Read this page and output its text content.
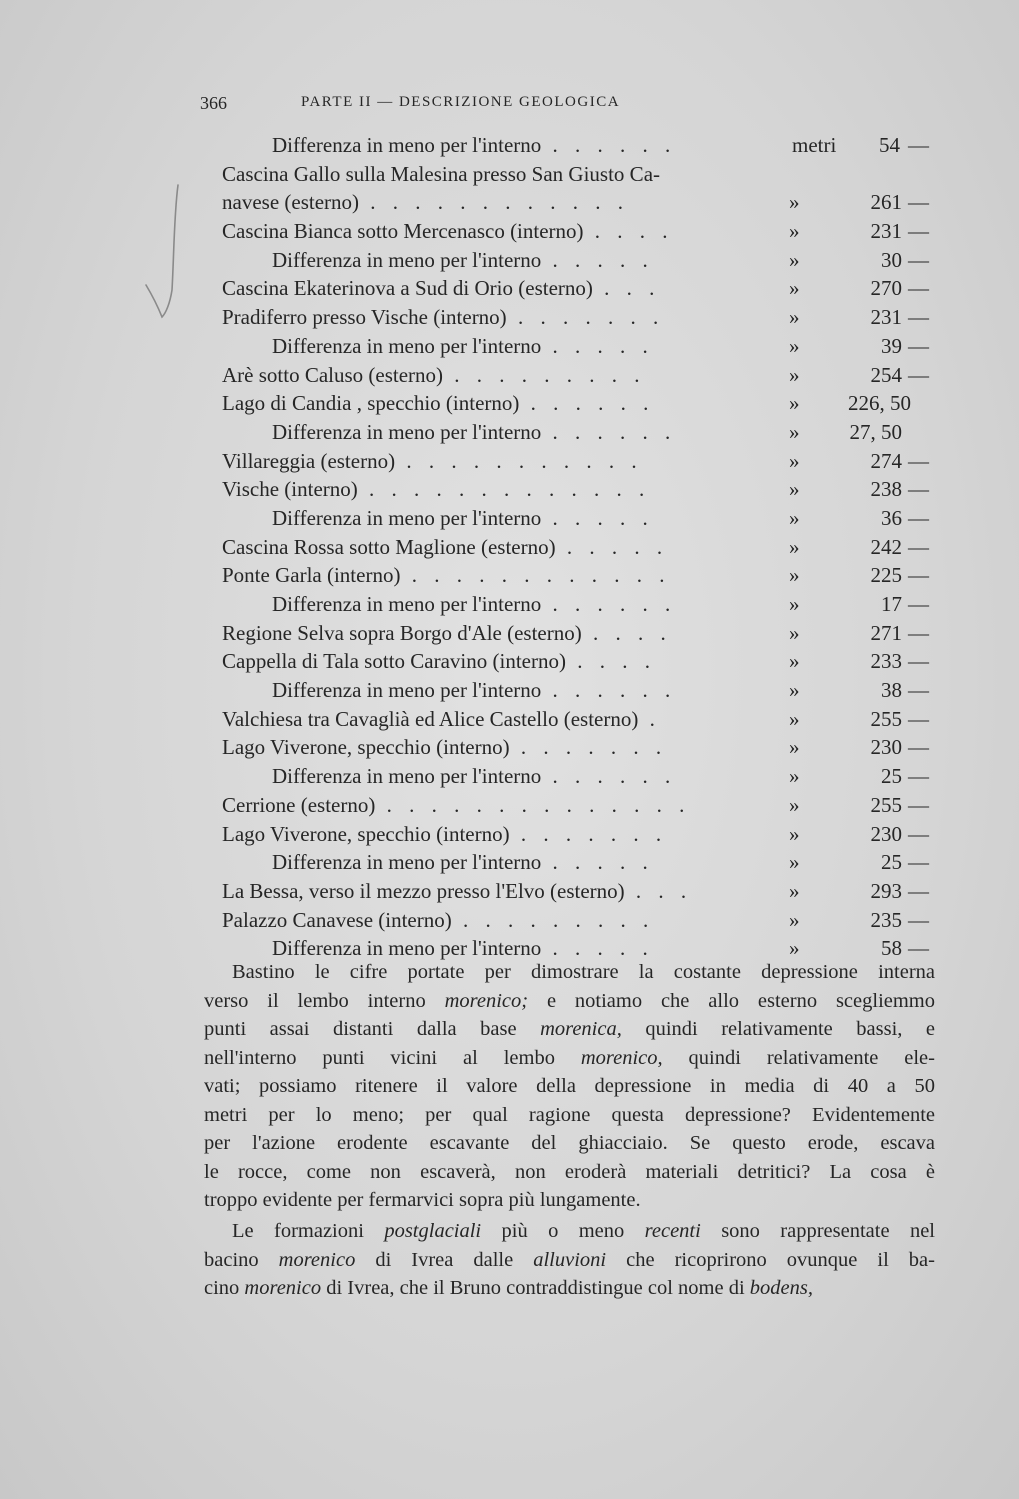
366	PARTE II — DESCRIZIONE GEOLOGICA
Differenza in meno per l'interno . . . . . .	metri	54 —
Cascina Gallo sulla Malesina presso San Giusto Ca-
navese (esterno) . . . . . . . . . . . .	»	261 —
Cascina Bianca sotto Mercenasco (interno) . . . .	»	231 —
Differenza in meno per l'interno . . . . .	»	30 —
Cascina Ekaterinova a Sud di Orio (esterno) . . .	»	270 —
Pradiferro presso Vische (interno) . . . . . . .	»	231 —
Differenza in meno per l'interno . . . . .	»	39 —
Arè sotto Caluso (esterno) . . . . . . . . .	»	254 —
Lago di Candia , specchio (interno) . . . . . .	» 226, 50
Differenza in meno per l'interno . . . . . .	» 27, 50
Villareggia (esterno) . . . . . . . . . . .	»	274 —
Vische (interno) . . . . . . . . . . . . .	»	238 —
Differenza in meno per l'interno . . . . .	»	36 —
Cascina Rossa sotto Maglione (esterno) . . . . .	»	242 —
Ponte Garla (interno) . . . . . . . . . . . .	»	225 —
Differenza in meno per l'interno . . . . . .	»	17 —
Regione Selva sopra Borgo d'Ale (esterno) . . . .	»	271 —
Cappella di Tala sotto Caravino (interno) . . . .	»	233 —
Differenza in meno per l'interno . . . . . .	»	38 —
Valchiesa tra Cavaglià ed Alice Castello (esterno) .	»	255 —
Lago Viverone, specchio (interno) . . . . . . .	»	230 —
Differenza in meno per l'interno . . . . . .	»	25 —
Cerrione (esterno) . . . . . . . . . . . . . .	»	255 —
Lago Viverone, specchio (interno) . . . . . . .	»	230 —
Differenza in meno per l'interno . . . . .	»	25 —
La Bessa, verso il mezzo presso l'Elvo (esterno) . . .	»	293 —
Palazzo Canavese (interno) . . . . . . . . .	»	235 —
Differenza in meno per l'interno . . . . .	»	58 —
Bastino le cifre portate per dimostrare la costante depressione interna
verso il lembo interno morenico; e notiamo che allo esterno scegliemmo
punti assai distanti dalla base morenica, quindi relativamente bassi, e
nell'interno punti vicini al lembo morenico, quindi relativamente ele-
vati; possiamo ritenere il valore della depressione in media di 40 a 50
metri per lo meno; per qual ragione questa depressione? Evidentemente
per l'azione erodente escavante del ghiacciaio. Se questo erode, escava
le rocce, come non escaverà, non eroderà materiali detritici? La cosa è
troppo evidente per fermarvici sopra più lungamente.
Le formazioni postglaciali più o meno recenti sono rappresentate nel
bacino morenico di Ivrea dalle alluvioni che ricoprirono ovunque il ba-
cino morenico di Ivrea, che il Bruno contraddistingue col nome di bodens,
